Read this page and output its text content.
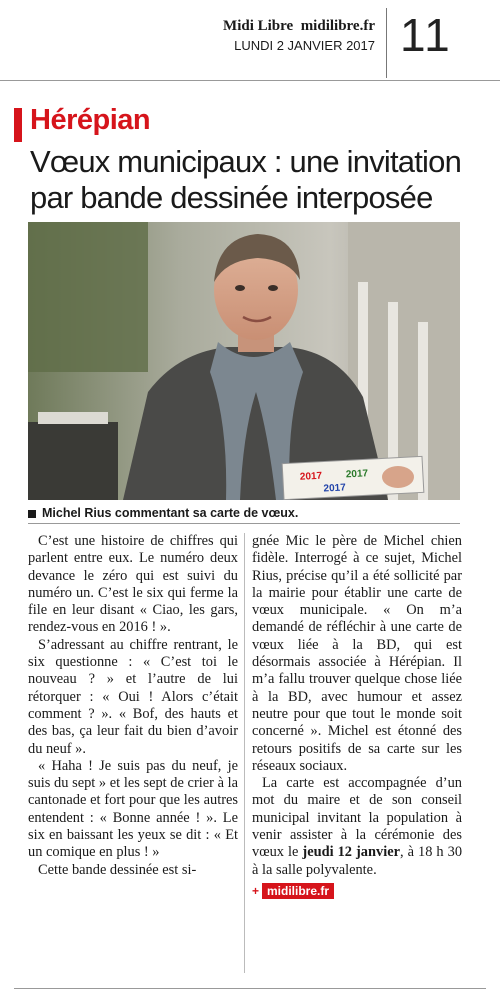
Midi Libre  midilibre.fr
LUNDI 2 JANVIER 2017 11
Hérépian
Vœux municipaux : une invitation par bande dessinée interposée
2017 2017
2017
Michel Rius commentant sa carte de vœux.

C’est une histoire de chiffres qui parlent entre eux. Le numéro deux devance le zéro qui est suivi du numéro un. C’est le six qui ferme la file en leur disant « Ciao, les gars, rendez-vous en 2016 ! ».

S’adressant au chiffre rentrant, le six questionne : « C’est toi le nouveau ? » et l’autre de lui rétorquer : « Oui ! Alors c’était comment ? ». « Bof, des hauts et des bas, ça leur fait du bien d’avoir du neuf ».

« Haha ! Je suis pas du neuf, je suis du sept » et les sept de crier à la cantonade et fort pour que les autres entendent : « Bonne année ! ». Le six en baissant les yeux se dit : « Et un comique en plus ! »

Cette bande dessinée est si-

gnée Mic le père de Michel chien fidèle. Interrogé à ce sujet, Michel Rius, précise qu’il a été sollicité par la mairie pour établir une carte de vœux municipale. « On m’a demandé de réfléchir à une carte de vœux liée à la BD, qui est désormais associée à Hérépian. Il m’a fallu trouver quelque chose liée à la BD, avec humour et assez neutre pour que tout le monde soit concerné ». Michel est étonné des retours positifs de sa carte sur les réseaux sociaux.

La carte est accompagnée d’un mot du maire et de son conseil municipal invitant la population à venir assister à la cérémonie des vœux le jeudi 12 janvier, à 18 h 30 à la salle polyvalente.

+ midilibre.fr
